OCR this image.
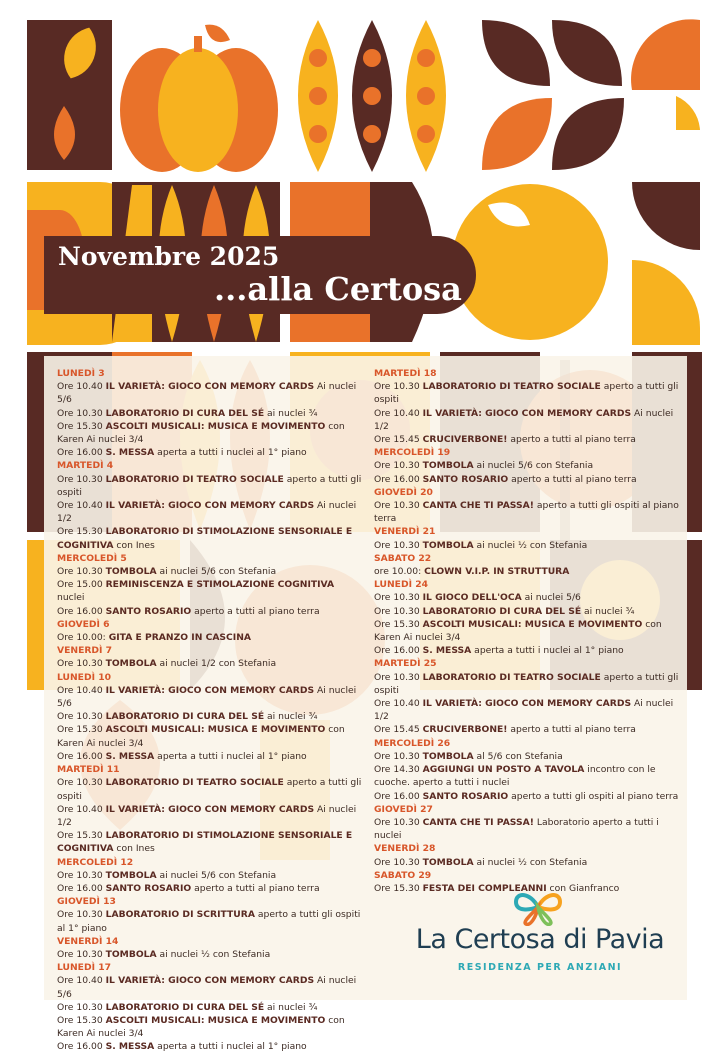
Novembre 2025
...alla Certosa
LUNEDÌ 3
Ore 10.40 IL VARIETÀ: GIOCO CON MEMORY CARDS Ai nuclei 5/6
Ore 10.30 LABORATORIO DI CURA DEL SÉ ai nuclei ¾
Ore 15.30 ASCOLTI MUSICALI: MUSICA E MOVIMENTO con Karen Ai nuclei 3/4
Ore 16.00 S. MESSA aperta a tutti i nuclei al 1° piano
MARTEDÌ 4
Ore 10.30 LABORATORIO DI TEATRO SOCIALE aperto a tutti gli ospiti
Ore 10.40 IL VARIETÀ: GIOCO CON MEMORY CARDS Ai nuclei 1/2
Ore 15.30 LABORATORIO DI STIMOLAZIONE SENSORIALE E COGNITIVA con Ines
MERCOLEDÌ 5
Ore 10.30 TOMBOLA ai nuclei 5/6 con Stefania
Ore 15.00 REMINISCENZA E STIMOLAZIONE COGNITIVA nuclei
Ore 16.00 SANTO ROSARIO aperto a tutti al piano terra
GIOVEDÌ 6
Ore 10.00: GITA E PRANZO IN CASCINA
VENERDÌ 7
Ore 10.30 TOMBOLA ai nuclei 1/2 con Stefania
LUNEDÌ 10
Ore 10.40 IL VARIETÀ: GIOCO CON MEMORY CARDS Ai nuclei 5/6
Ore 10.30 LABORATORIO DI CURA DEL SÉ ai nuclei ¾
Ore 15.30 ASCOLTI MUSICALI: MUSICA E MOVIMENTO con Karen Ai nuclei 3/4
Ore 16.00 S. MESSA aperta a tutti i nuclei al 1° piano
MARTEDÌ 11
Ore 10.30 LABORATORIO DI TEATRO SOCIALE aperto a tutti gli ospiti
Ore 10.40 IL VARIETÀ: GIOCO CON MEMORY CARDS Ai nuclei 1/2
Ore 15.30 LABORATORIO DI STIMOLAZIONE SENSORIALE E COGNITIVA con Ines
MERCOLEDÌ 12
Ore 10.30 TOMBOLA ai nuclei 5/6 con Stefania
Ore 16.00 SANTO ROSARIO aperto a tutti al piano terra
GIOVEDÌ 13
Ore 10.30 LABORATORIO DI SCRITTURA aperto a tutti gli ospiti al 1° piano
VENERDÌ 14
Ore 10.30 TOMBOLA ai nuclei ½ con Stefania
LUNEDÌ 17
Ore 10.40 IL VARIETÀ: GIOCO CON MEMORY CARDS Ai nuclei 5/6
Ore 10.30 LABORATORIO DI CURA DEL SÉ ai nuclei ¾
Ore 15.30 ASCOLTI MUSICALI: MUSICA E MOVIMENTO con Karen Ai nuclei 3/4
Ore 16.00 S. MESSA aperta a tutti i nuclei al 1° piano
MARTEDÌ 18
Ore 10.30 LABORATORIO DI TEATRO SOCIALE aperto a tutti gli ospiti
Ore 10.40 IL VARIETÀ: GIOCO CON MEMORY CARDS Ai nuclei 1/2
Ore 15.45 CRUCIVERBONE! aperto a tutti al piano terra
MERCOLEDÌ 19
Ore 10.30 TOMBOLA ai nuclei 5/6 con Stefania
Ore 16.00 SANTO ROSARIO aperto a tutti al piano terra
GIOVEDÌ 20
Ore 10.30 CANTA CHE TI PASSA! aperto a tutti gli ospiti al piano terra
VENERDÌ 21
Ore 10.30 TOMBOLA ai nuclei ½ con Stefania
SABATO 22
ore 10.00: CLOWN V.I.P. IN STRUTTURA
LUNEDÌ 24
Ore 10.30 IL GIOCO DELL'OCA ai nuclei 5/6
Ore 10.30 LABORATORIO DI CURA DEL SÉ ai nuclei ¾
Ore 15.30 ASCOLTI MUSICALI: MUSICA E MOVIMENTO con Karen Ai nuclei 3/4
Ore 16.00 S. MESSA aperta a tutti i nuclei al 1° piano
MARTEDÌ 25
Ore 10.30 LABORATORIO DI TEATRO SOCIALE aperto a tutti gli ospiti
Ore 10.40 IL VARIETÀ: GIOCO CON MEMORY CARDS Ai nuclei 1/2
Ore 15.45 CRUCIVERBONE! aperto a tutti al piano terra
MERCOLEDÌ 26
Ore 10.30 TOMBOLA al 5/6 con Stefania
Ore 14.30 AGGIUNGI UN POSTO A TAVOLA incontro con le cuoche. aperto a tutti i nuclei
Ore 16.00 SANTO ROSARIO aperto a tutti gli ospiti al piano terra
GIOVEDÌ 27
Ore 10.30 CANTA CHE TI PASSA! Laboratorio aperto a tutti i nuclei
VENERDÌ 28
Ore 10.30 TOMBOLA ai nuclei ½ con Stefania
SABATO 29
Ore 15.30 FESTA DEI COMPLEANNI con Gianfranco
La Certosa di Pavia
RESIDENZA PER ANZIANI
